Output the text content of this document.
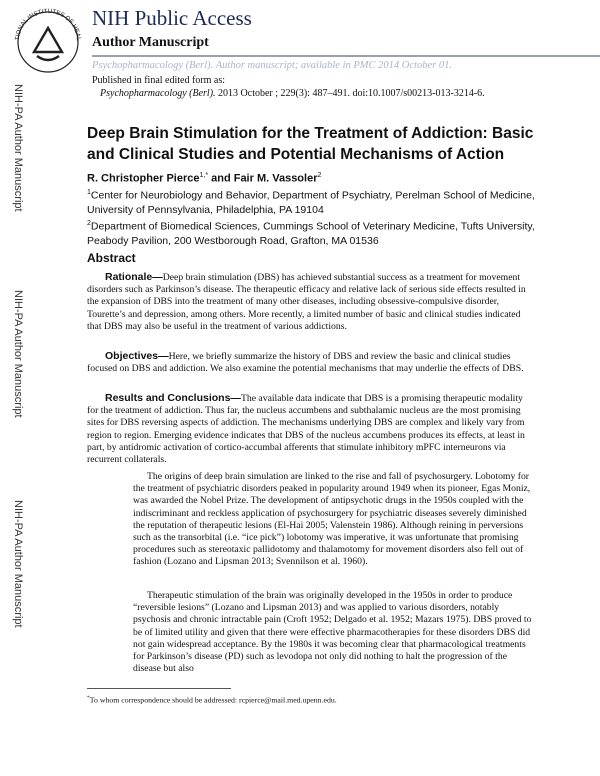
TIONAL INSTITUTES OF HEAL
NIH Public Access
Author Manuscript
Psychopharmacology (Berl). Author manuscript; available in PMC 2014 October 01.
NIH-PA Author Manuscript
NIH-PA Author Manuscript
NIH-PA Author Manuscript
Published in final edited form as:
Psychopharmacology (Berl). 2013 October ; 229(3): 487–491. doi:10.1007/s00213-013-3214-6.
Deep Brain Stimulation for the Treatment of Addiction: Basic and Clinical Studies and Potential Mechanisms of Action
R. Christopher Pierce$^{1,*}$ and Fair M. Vassoler$^2$
$^1$Center for Neurobiology and Behavior, Department of Psychiatry, Perelman School of Medicine, University of Pennsylvania, Philadelphia, PA 19104
$^2$Department of Biomedical Sciences, Cummings School of Veterinary Medicine, Tufts University, Peabody Pavilion, 200 Westborough Road, Grafton, MA 01536
Abstract
Rationale—Deep brain stimulation (DBS) has achieved substantial success as a treatment for movement disorders such as Parkinson’s disease. The therapeutic efficacy and relative lack of serious side effects resulted in the expansion of DBS into the treatment of many other diseases, including obsessive-compulsive disorder, Tourette’s and depression, among others. More recently, a limited number of basic and clinical studies indicated that DBS may also be useful in the treatment of various addictions.
Objectives—Here, we briefly summarize the history of DBS and review the basic and clinical studies focused on DBS and addiction. We also examine the potential mechanisms that may underlie the effects of DBS.
Results and Conclusions—The available data indicate that DBS is a promising therapeutic modality for the treatment of addiction. Thus far, the nucleus accumbens and subthalamic nucleus are the most promising sites for DBS reversing aspects of addiction. The mechanisms underlying DBS are complex and likely vary from region to region. Emerging evidence indicates that DBS of the nucleus accumbens produces its effects, at least in part, by antidromic activation of cortico-accumbal afferents that stimulate inhibitory mPFC interneurons via recurrent collaterals.
The origins of deep brain simulation are linked to the rise and fall of psychosurgery. Lobotomy for the treatment of psychiatric disorders peaked in popularity around 1949 when its pioneer, Egas Moniz, was awarded the Nobel Prize. The development of antipsychotic drugs in the 1950s coupled with the indiscriminant and reckless application of psychosurgery for psychiatric diseases severely diminished the reputation of therapeutic lesions (El-Hai 2005; Valenstein 1986). Although reining in perversions such as the transorbital (i.e. “ice pick”) lobotomy was imperative, it was unfortunate that promising procedures such as stereotaxic pallidotomy and thalamotomy for movement disorders also fell out of fashion (Lozano and Lipsman 2013; Svennilson et al. 1960).
Therapeutic stimulation of the brain was originally developed in the 1950s in order to produce “reversible lesions” (Lozano and Lipsman 2013) and was applied to various disorders, notably psychosis and chronic intractable pain (Croft 1952; Delgado et al. 1952; Mazars 1975). DBS proved to be of limited utility and given that there were effective pharmacotherapies for these disorders DBS did not gain widespread acceptance. By the 1980s it was becoming clear that pharmacological treatments for Parkinson’s disease (PD) such as levodopa not only did nothing to halt the progression of the disease but also
*To whom correspondence should be addressed: rcpierce@mail.med.upenn.edu.
